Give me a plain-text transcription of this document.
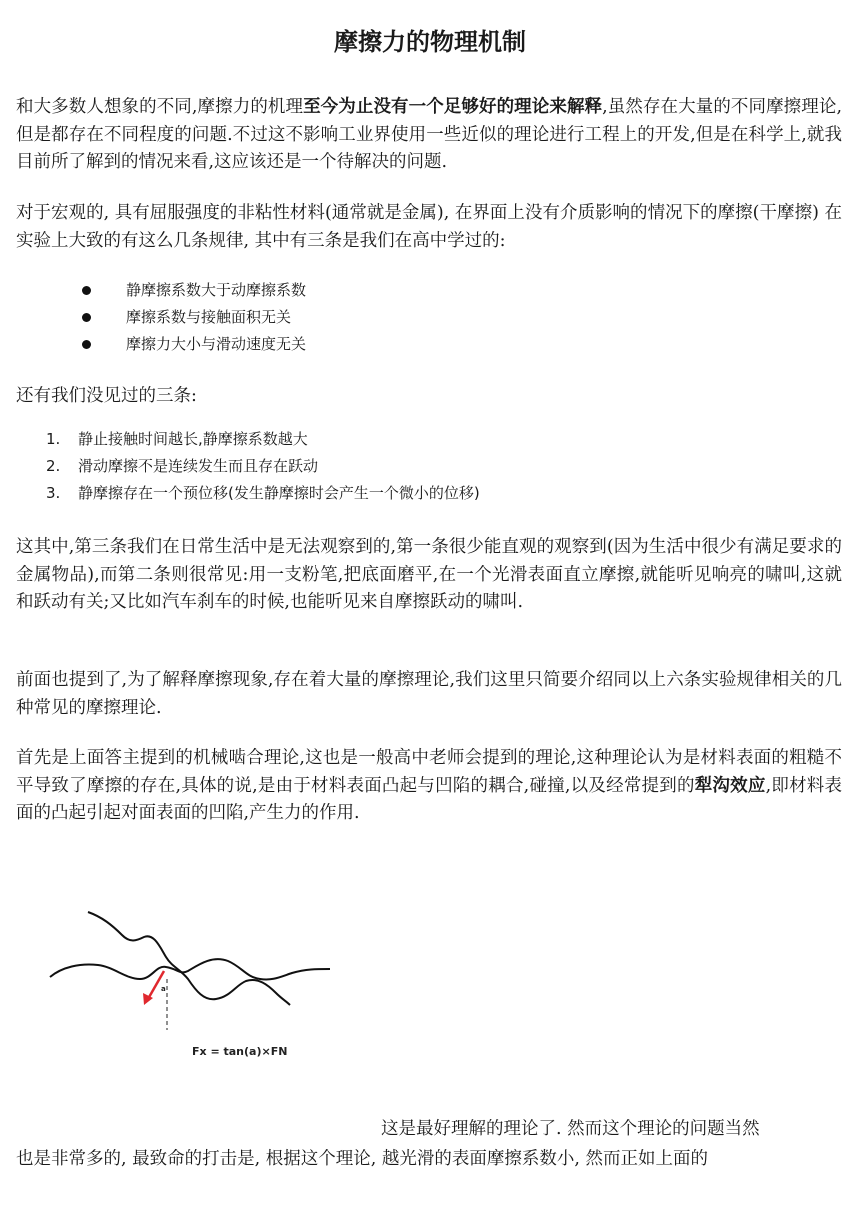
摩擦力的物理机制

和大多数人想象的不同,摩擦力的机理至今为止没有一个足够好的理论来解释,虽然存在大量的不同摩擦理论,但是都存在不同程度的问题.不过这不影响工业界使用一些近似的理论进行工程上的开发,但是在科学上,就我目前所了解到的情况来看,这应该还是一个待解决的问题.

对于宏观的, 具有屈服强度的非粘性材料(通常就是金属), 在界面上没有介质影响的情况下的摩擦(干摩擦) 在实验上大致的有这么几条规律, 其中有三条是我们在高中学过的:

静摩擦系数大于动摩擦系数
摩擦系数与接触面积无关
摩擦力大小与滑动速度无关

还有我们没见过的三条:

1. 静止接触时间越长,静摩擦系数越大
2. 滑动摩擦不是连续发生而且存在跃动
3. 静摩擦存在一个预位移(发生静摩擦时会产生一个微小的位移)

这其中,第三条我们在日常生活中是无法观察到的,第一条很少能直观的观察到(因为生活中很少有满足要求的金属物品),而第二条则很常见:用一支粉笔,把底面磨平,在一个光滑表面直立摩擦,就能听见响亮的啸叫,这就和跃动有关;又比如汽车刹车的时候,也能听见来自摩擦跃动的啸叫.

前面也提到了,为了解释摩擦现象,存在着大量的摩擦理论,我们这里只简要介绍同以上六条实验规律相关的几种常见的摩擦理论.

首先是上面答主提到的机械啮合理论,这也是一般高中老师会提到的理论,这种理论认为是材料表面的粗糙不平导致了摩擦的存在,具体的说,是由于材料表面凸起与凹陷的耦合,碰撞,以及经常提到的犁沟效应,即材料表面的凸起引起对面表面的凹陷,产生力的作用.

a
Fx = tan(a)×FN
这是最好理解的理论了. 然而这个理论的问题当然
也是非常多的, 最致命的打击是, 根据这个理论, 越光滑的表面摩擦系数小, 然而正如上面的
